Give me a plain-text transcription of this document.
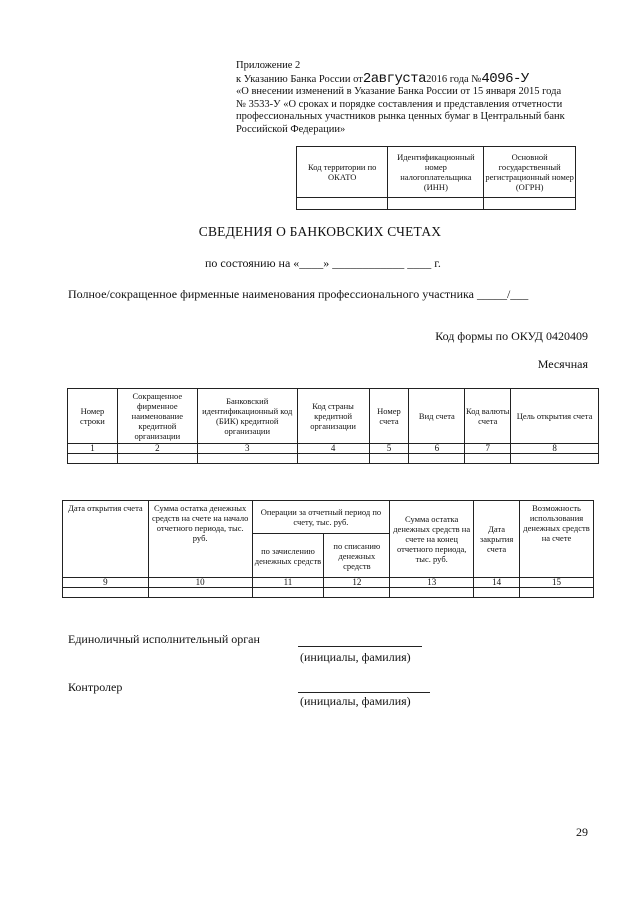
Приложение 2
к Указанию Банка России от2августа2016 года №4096-У
«О внесении изменений в Указание Банка России от 15 января 2015 года
№ 3533-У «О сроках и порядке составления и представления отчетности
профессиональных участников рынка ценных бумаг в Центральный банк
Российской Федерации»
Код территории по ОКАТО	Идентификационный номер налогоплательщика (ИНН)	Основной государственный регистрационный номер (ОГРН)

СВЕДЕНИЯ О БАНКОВСКИХ СЧЕТАХ
по состоянию на «____» ____________ ____ г.
Полное/сокращенное фирменные наименования профессионального участника _____/___
Код формы по ОКУД 0420409
Месячная
Номер строки	Сокращенное фирменное наименование кредитной организации	Банковский идентификационный код (БИК) кредитной организации	Код страны кредитной организации	Номер счета	Вид счета	Код валюты счета	Цель открытия счета
1	2	3	4	5	6	7	8

Дата открытия счета	Сумма остатка денежных средств на счете на начало отчетного периода, тыс. руб.	Операции за отчетный период по счету, тыс. руб.		Сумма остатка денежных средств на счете на конец отчетного периода, тыс. руб.	Дата закрытия счета	Возможность использования денежных средств на счете
		по зачислению денежных средств	по списанию денежных средств			
9	10	11	12	13	14	15

Единоличный исполнительный орган
(инициалы, фамилия)
Контролер
(инициалы, фамилия)
29
